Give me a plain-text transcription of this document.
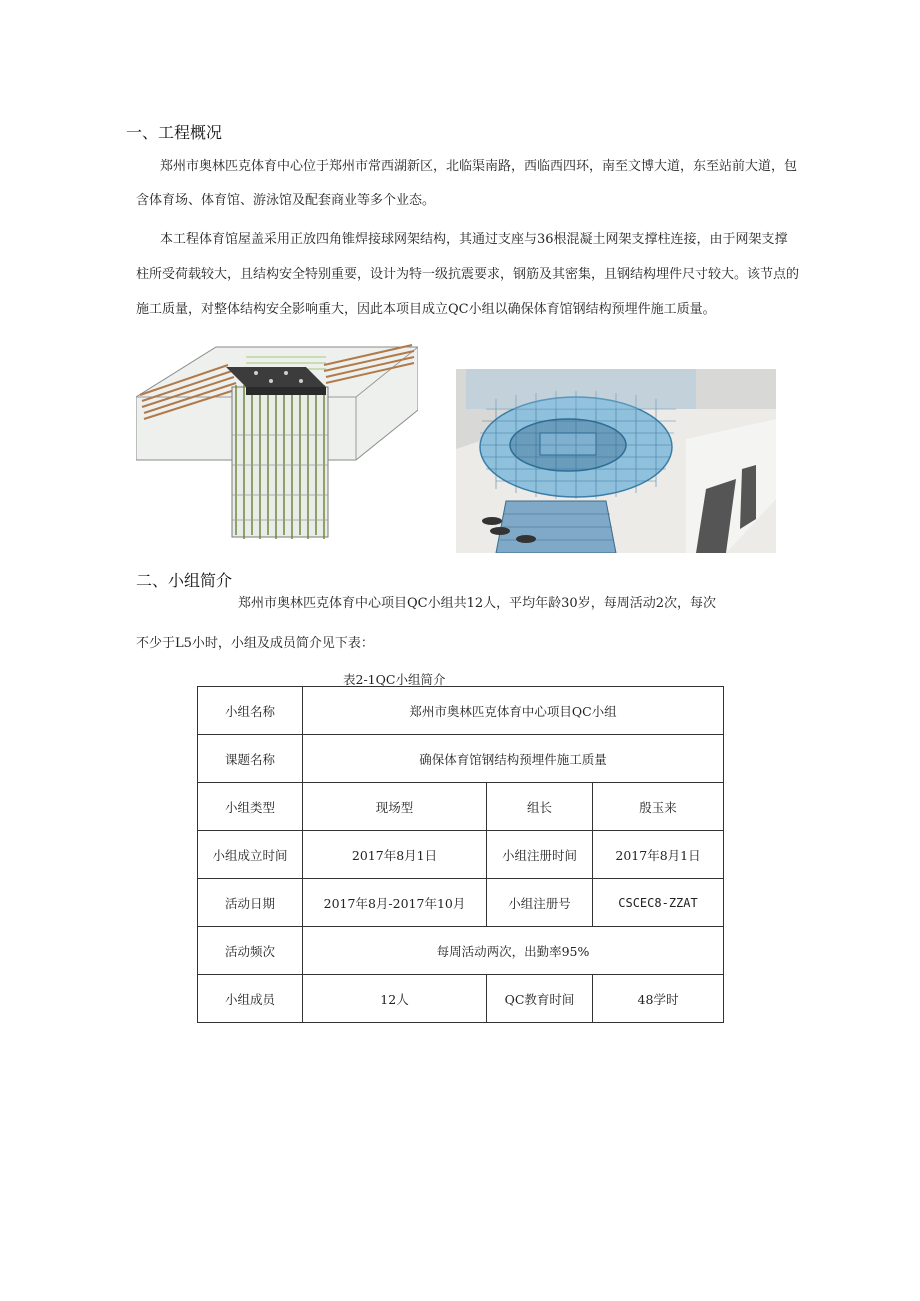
一、工程概况
郑州市奥林匹克体育中心位于郑州市常西湖新区，北临渠南路，西临西四环，南至文博大道，东至站前大道，包
含体育场、体育馆、游泳馆及配套商业等多个业态。
本工程体育馆屋盖采用正放四角锥焊接球网架结构，其通过支座与36根混凝土网架支撑柱连接，由于网架支撑
柱所受荷载较大，且结构安全特别重要，设计为特一级抗震要求，钢筋及其密集，且钢结构埋件尺寸较大。该节点的
施工质量，对整体结构安全影响重大，因此本项目成立QC小组以确保体育馆钢结构预埋件施工质量。
二、小组简介
郑州市奥林匹克体育中心项目QC小组共12人，平均年龄30岁，每周活动2次，每次
不少于L5小时，小组及成员简介见下表：
表2-1QC小组简介
小组名称	郑州市奥林匹克体育中心项目QC小组		
课题名称	确保体育馆钢结构预埋件施工质量		
小组类型	现场型	组长	殷玉来
小组成立时间	2017年8月1日	小组注册时间	2017年8月1日
活动日期	2017年8月-2017年10月	小组注册号	CSCEC8-ZZAT
活动频次	每周活动两次，出勤率95%		
小组成员	12人	QC教育时间	48学时
